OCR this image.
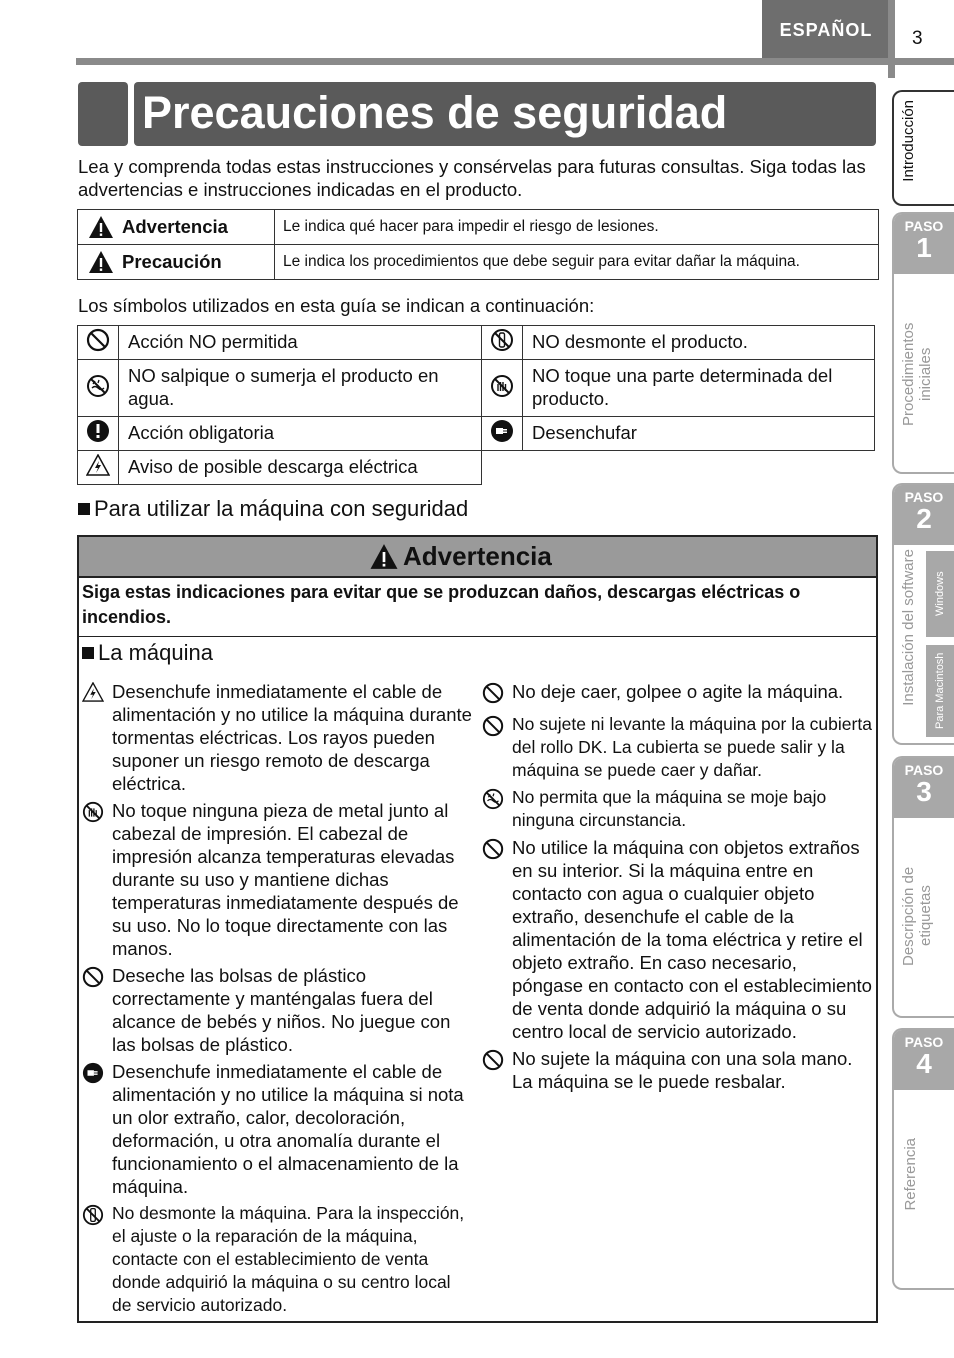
ESPAÑOL	3
Precauciones de seguridad
Lea y comprenda todas estas instrucciones y consérvelas para futuras consultas. Siga todas las advertencias e instrucciones indicadas en el producto.
Advertencia	Le indica qué hacer para impedir el riesgo de lesiones.

Precaución	Le indica los procedimientos que debe seguir para evitar dañar la máquina.
Los símbolos utilizados en esta guía se indican a continuación:
	Acción NO permitida		NO desmonte el producto.
	NO salpique o sumerja el producto en agua.		NO toque una parte determinada del producto.
	Acción obligatoria		Desenchufar
	Aviso de posible descarga eléctrica		
Para utilizar la máquina con seguridad
Advertencia
Siga estas indicaciones para evitar que se produzcan daños, descargas eléctricas o incendios.
La máquina
Desenchufe inmediatamente el cable de alimentación y no utilice la máquina durante tormentas eléctricas. Los rayos pueden suponer un riesgo remoto de descarga eléctrica.
No toque ninguna pieza de metal junto al cabezal de impresión. El cabezal de impresión alcanza temperaturas elevadas durante su uso y mantiene dichas temperaturas inmediatamente después de su uso. No lo toque directamente con las manos.
Deseche las bolsas de plástico correctamente y manténgalas fuera del alcance de bebés y niños. No juegue con las bolsas de plástico.
Desenchufe inmediatamente el cable de alimentación y no utilice la máquina si nota un olor extraño, calor, decoloración, deformación, u otra anomalía durante el funcionamiento o el almacenamiento de la máquina.
No desmonte la máquina. Para la inspección, el ajuste o la reparación de la máquina, contacte con el establecimiento de venta donde adquirió la máquina o su centro local de servicio autorizado.
No deje caer, golpee o agite la máquina.
No sujete ni levante la máquina por la cubierta del rollo DK. La cubierta se puede salir y la máquina se puede caer y dañar.
No permita que la máquina se moje bajo ninguna circunstancia.
No utilice la máquina con objetos extraños en su interior. Si la máquina entre en contacto con agua o cualquier objeto extraño, desenchufe el cable de la alimentación de la toma eléctrica y retire el objeto extraño. En caso necesario, póngase en contacto con el establecimiento de venta donde adquirió la máquina o su centro local de servicio autorizado.
No sujete la máquina con una sola mano. La máquina se le puede resbalar.
Introducción
PASO
1
Procedimientos iniciales
PASO
2
Instalación del software	Windows
Para Macintosh
PASO
3
Descripción de etiquetas
PASO
4
Referencia
